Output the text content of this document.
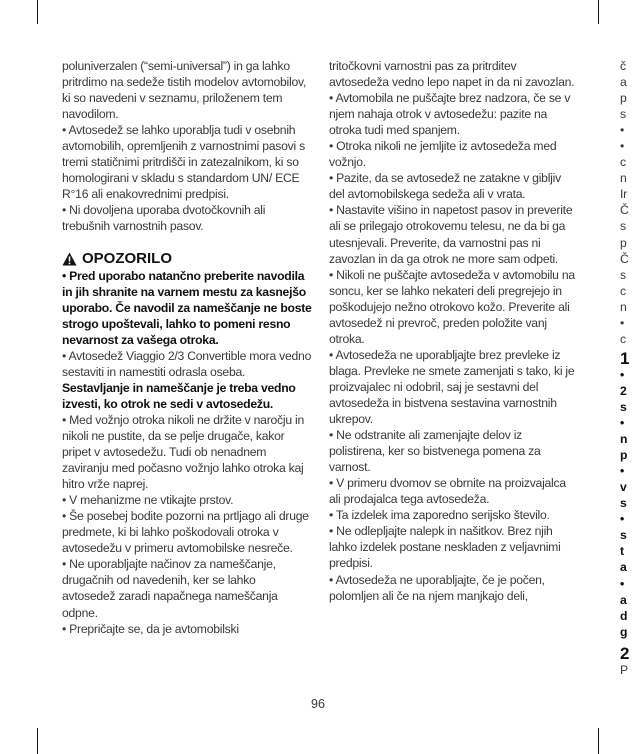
poluniverzalen (“semi-universal”) in ga lahko pritrdimo na sedeže tistih modelov avtomobilov, ki so navedeni v seznamu, priloženem tem navodilom.

• Avtosedež se lahko uporablja tudi v osebnih avtomobilih, opremljenih z varnostnimi pasovi s tremi statičnimi pritrdišči in zatezalnikom, ki so homologirani v skladu s standardom UN/ ECE R°16 ali enakovrednimi predpisi.

• Ni dovoljena uporaba dvotočkovnih ali trebušnih varnostnih pasov.

OPOZORILO

• Pred uporabo natančno preberite navodila in jih shranite na varnem mestu za kasnejšo uporabo. Če navodil za nameščanje ne boste strogo upoštevali, lahko to pomeni resno nevarnost za vašega otroka.

• Avtosedež Viaggio 2/3 Convertible mora vedno sestaviti in namestiti odrasla oseba. Sestavljanje in nameščanje je treba vedno izvesti, ko otrok ne sedi v avtosedežu.

• Med vožnjo otroka nikoli ne držite v naročju in nikoli ne pustite, da se pelje drugače, kakor pripet v avtosedežu. Tudi ob nenadnem zaviranju med počasno vožnjo lahko otroka kaj hitro vrže naprej.

• V mehanizme ne vtikajte prstov.

• Še posebej bodite pozorni na prtljago ali druge predmete, ki bi lahko poškodovali otroka v avtosedežu v primeru avtomobilske nesreče.

• Ne uporabljajte načinov za nameščanje, drugačnih od navedenih, ker se lahko avtosedež zaradi napačnega nameščanja odpne.

• Prepričajte se, da je avtomobilski

tritočkovni varnostni pas za pritrditev avtosedeža vedno lepo napet in da ni zavozlan.

• Avtomobila ne puščajte brez nadzora, če se v njem nahaja otrok v avtosedežu: pazite na otroka tudi med spanjem.

• Otroka nikoli ne jemljite iz avtosedeža med vožnjo.

• Pazite, da se avtosedež ne zatakne v gibljiv del avtomobilskega sedeža ali v vrata.

• Nastavite višino in napetost pasov in preverite ali se prilegajo otrokovemu telesu, ne da bi ga utesnjevali. Preverite, da varnostni pas ni zavozlan in da ga otrok ne more sam odpeti.

• Nikoli ne puščajte avtosedeža v avtomobilu na soncu, ker se lahko nekateri deli pregrejejo in poškodujejo nežno otrokovo kožo. Preverite ali avtosedež ni prevroč, preden položite vanj otroka.

• Avtosedeža ne uporabljajte brez prevleke iz blaga. Prevleke ne smete zamenjati s tako, ki je proizvajalec ni odobril, saj je sestavni del avtosedeža in bistvena sestavina varnostnih ukrepov.

• Ne odstranite ali zamenjajte delov iz polistirena, ker so bistvenega pomena za varnost.

• V primeru dvomov se obrnite na proizvajalca ali prodajalca tega avtosedeža.

• Ta izdelek ima zaporedno serijsko število.

• Ne odlepljajte nalepk in našitkov. Brez njih lahko izdelek postane neskladen z veljavnimi predpisi.

• Avtosedeža ne uporabljajte, če je počen, polomljen ali če na njem manjkajo deli,

č
a
p
s
•
•
c
n
Ir
Č
s
p
Č
s
c
n
•
c
1
•
2
s
•
n
p
•
v
s
•
s
t
a
•
a
d
g
2
P
96
